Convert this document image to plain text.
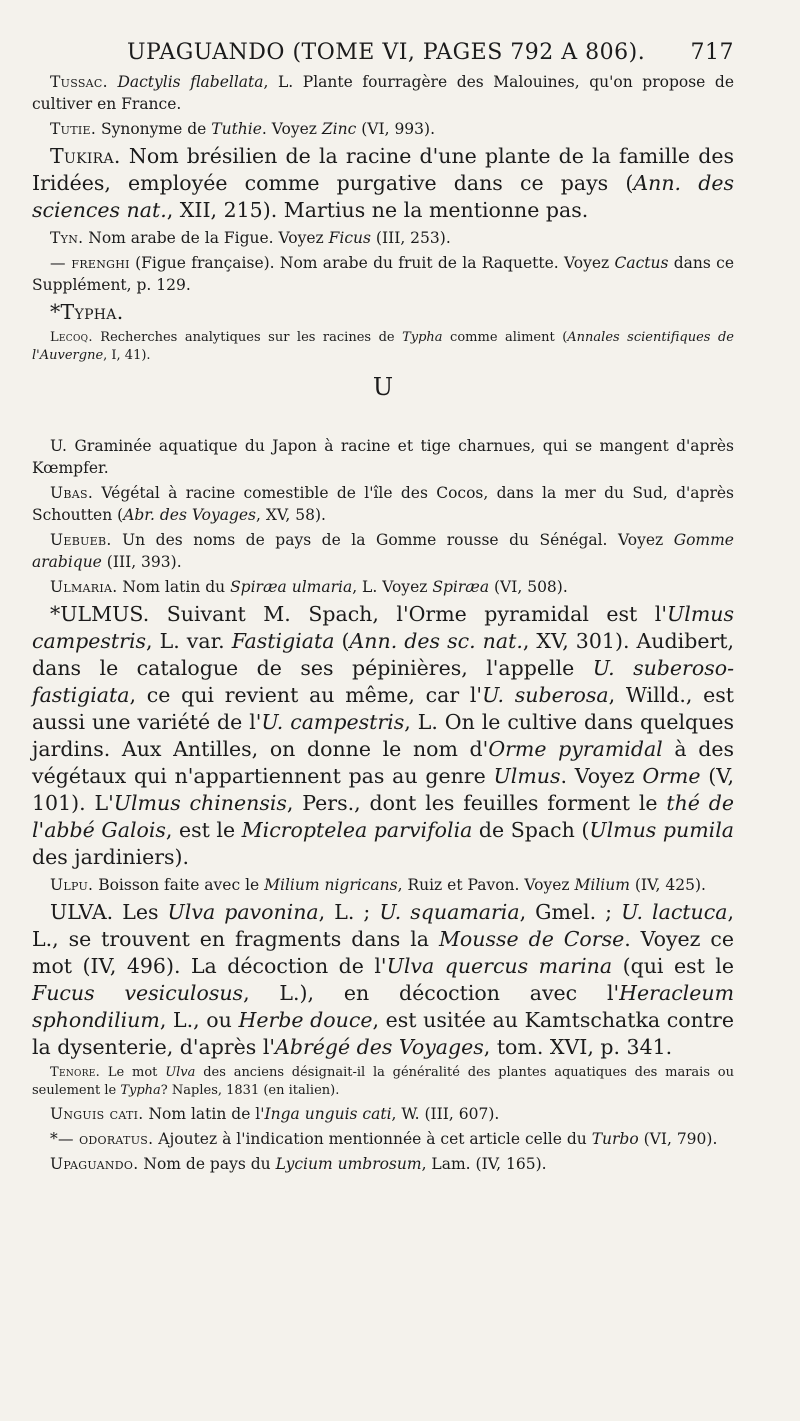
UPAGUANDO (TOME VI, PAGES 792 A 806). 717

Tussac. Dactylis flabellata, L. Plante fourragère des Malouines, qu'on propose de cultiver en France.

Tutie. Synonyme de Tuthie. Voyez Zinc (VI, 993).

Tukira. Nom brésilien de la racine d'une plante de la famille des Iridées, employée comme purgative dans ce pays (Ann. des sciences nat., XII, 215). Martius ne la mentionne pas.

Tyn. Nom arabe de la Figue. Voyez Ficus (III, 253).

— frenghi (Figue française). Nom arabe du fruit de la Raquette. Voyez Cactus dans ce Supplément, p. 129.

*Typha.

Lecoq. Recherches analytiques sur les racines de Typha comme aliment (Annales scientifiques de l'Auvergne, I, 41).

U

U. Graminée aquatique du Japon à racine et tige charnues, qui se mangent d'après Kœmpfer.

Ubas. Végétal à racine comestible de l'île des Cocos, dans la mer du Sud, d'après Schoutten (Abr. des Voyages, XV, 58).

Uebueb. Un des noms de pays de la Gomme rousse du Sénégal. Voyez Gomme arabique (III, 393).

Ulmaria. Nom latin du Spiræa ulmaria, L. Voyez Spiræa (VI, 508).

*ULMUS. Suivant M. Spach, l'Orme pyramidal est l'Ulmus campestris, L. var. Fastigiata (Ann. des sc. nat., XV, 301). Audibert, dans le catalogue de ses pépinières, l'appelle U. suberoso-fastigiata, ce qui revient au même, car l'U. suberosa, Willd., est aussi une variété de l'U. campestris, L. On le cultive dans quelques jardins. Aux Antilles, on donne le nom d'Orme pyramidal à des végétaux qui n'appartiennent pas au genre Ulmus. Voyez Orme (V, 101). L'Ulmus chinensis, Pers., dont les feuilles forment le thé de l'abbé Galois, est le Microptelea parvifolia de Spach (Ulmus pumila des jardiniers).

Ulpu. Boisson faite avec le Milium nigricans, Ruiz et Pavon. Voyez Milium (IV, 425).

ULVA. Les Ulva pavonina, L. ; U. squamaria, Gmel. ; U. lactuca, L., se trouvent en fragments dans la Mousse de Corse. Voyez ce mot (IV, 496). La décoction de l'Ulva quercus marina (qui est le Fucus vesiculosus, L.), en décoction avec l'Heracleum sphondilium, L., ou Herbe douce, est usitée au Kamtschatka contre la dysenterie, d'après l'Abrégé des Voyages, tom. XVI, p. 341.

Tenore. Le mot Ulva des anciens désignait-il la généralité des plantes aquatiques des marais ou seulement le Typha? Naples, 1831 (en italien).

Unguis cati. Nom latin de l'Inga unguis cati, W. (III, 607).

*— odoratus. Ajoutez à l'indication mentionnée à cet article celle du Turbo (VI, 790).

Upaguando. Nom de pays du Lycium umbrosum, Lam. (IV, 165).
